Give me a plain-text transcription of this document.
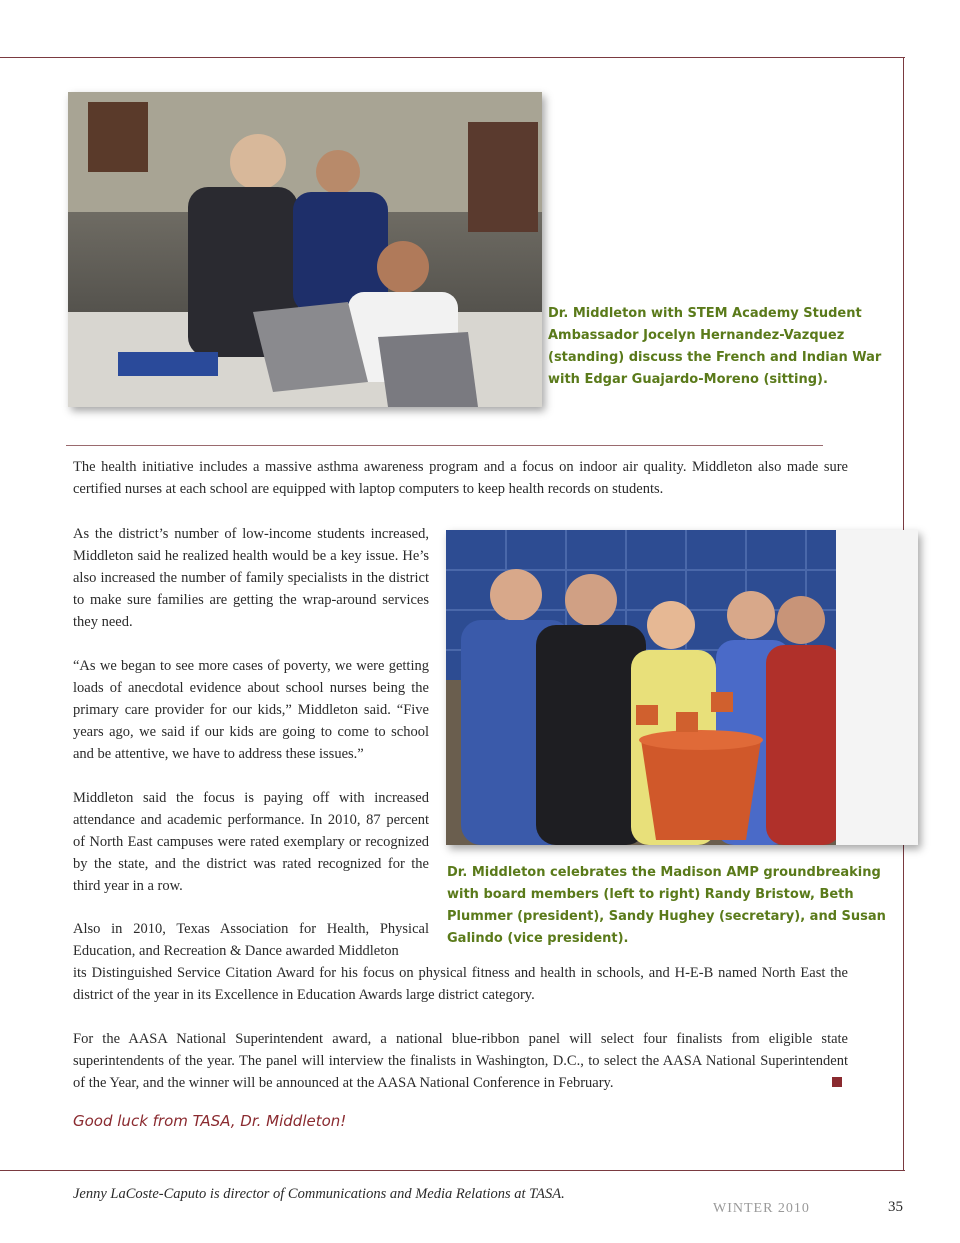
Dr. Middleton with STEM Academy Student Ambassador Jocelyn Hernandez-Vazquez (standing) discuss the French and Indian War with Edgar Guajardo-Moreno (sitting).

The health initiative includes a massive asthma awareness program and a focus on indoor air quality. Middleton also made sure certified nurses at each school are equipped with laptop computers to keep health records on students.

As the district’s number of low-income students increased, Middleton said he realized health would be a key issue. He’s also increased the number of family specialists in the district to make sure families are getting the wrap-around services they need.

“As we began to see more cases of poverty, we were getting loads of anecdotal evidence about school nurses being the primary care provider for our kids,” Middleton said. “Five years ago, we said if our kids are going to come to school and be attentive, we have to address these issues.”

Middleton said the focus is paying off with increased attendance and academic performance. In 2010, 87 percent of North East campuses were rated exemplary or recognized by the state, and the district was rated recognized for the third year in a row.

Also in 2010, Texas Association for Health, Physical Education, and Recreation & Dance awarded Middleton

its Distinguished Service Citation Award for his focus on physical fitness and health in schools, and H-E-B named North East the district of the year in its Excellence in Education Awards large district category.

For the AASA National Superintendent award, a national blue-ribbon panel will select four finalists from eligible state superintendents of the year. The panel will interview the finalists in Washington, D.C., to select the AASA National Superintendent of the Year, and the winner will be announced at the AASA National Conference in February.

Dr. Middleton celebrates the Madison AMP groundbreaking with board members (left to right) Randy Bristow, Beth Plummer (president), Sandy Hughey (secretary), and Susan Galindo (vice president).
Good luck from TASA, Dr. Middleton!
Jenny LaCoste-Caputo is director of Communications and Media Relations at TASA.
WINTER 2010	35
